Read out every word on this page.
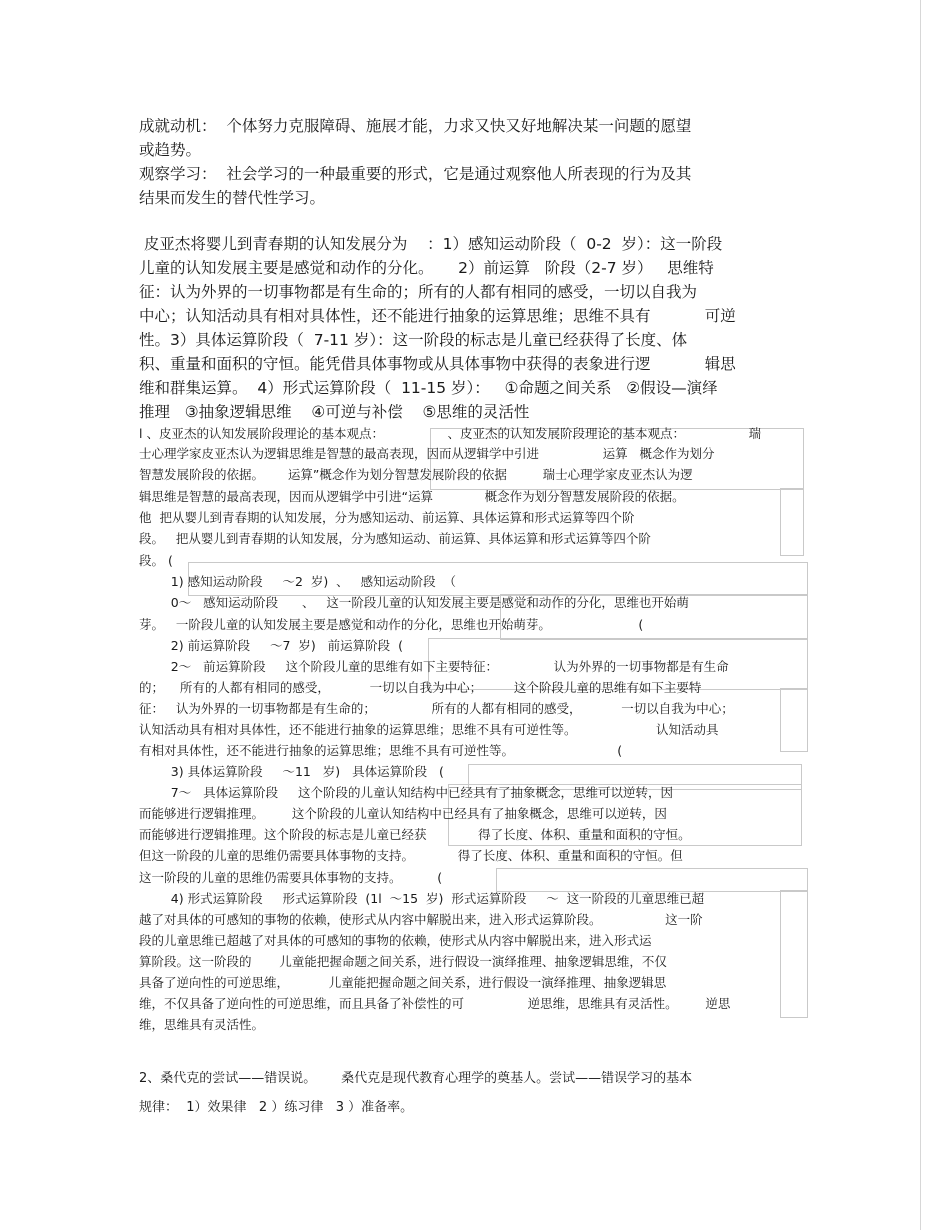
成就动机：  个体努力克服障碍、施展才能，力求又快又好地解决某一问题的愿望
或趋势。
观察学习：  社会学习的一种最重要的形式，它是通过观察他人所表现的行为及其
结果而发生的替代性学习。
皮亚杰将婴儿到青春期的认知发展分为    ：1）感知运动阶段（  0-2  岁）：这一阶段
儿童的认知发展主要是感觉和动作的分化。     2）前运算   阶段（2-7 岁）   思维特
征：认为外界的一切事物都是有生命的；所有的人都有相同的感受，一切以自我为
中心；认知活动具有相对具体性，还不能进行抽象的运算思维；思维不具有           可逆
性。3）具体运算阶段（  7-11 岁）：这一阶段的标志是儿童已经获得了长度、体
积、重量和面积的守恒。能凭借具体事物或从具体事物中获得的表象进行逻           辑思
维和群集运算。  4）形式运算阶段（  11-15 岁）：   ①命题之间关系   ②假设—演绎
推理   ③抽象逻辑思维    ④可逆与补偿    ⑤思维的灵活性
l 、皮亚杰的认知发展阶段理论的基本观点：                、皮亚杰的认知发展阶段理论的基本观点：                瑞
士心理学家皮亚杰认为逻辑思维是智慧的最高表现，因而从逻辑学中引进                运算   概念作为划分
智慧发展阶段的依据。      运算”概念作为划分智慧发展阶段的依据         瑞士心理学家皮亚杰认为逻
辑思维是智慧的最高表现，因而从逻辑学中引进“运算             概念作为划分智慧发展阶段的依据。
他  把从婴儿到青春期的认知发展，分为感知运动、前运算、具体运算和形式运算等四个阶
段。   把从婴儿到青春期的认知发展，分为感知运动、前运算、具体运算和形式运算等四个阶
段。 (
1) 感知运动阶段     ～2  岁)  、   感知运动阶段  （
0～   感知运动阶段      、   这一阶段儿童的认知发展主要是感觉和动作的分化，思维也开始萌
芽。   一阶段儿童的认知发展主要是感觉和动作的分化，思维也开始萌芽。                      (
2) 前运算阶段     ～7  岁)   前运算阶段  (
2～   前运算阶段     这个阶段儿童的思维有如下主要特征：              认为外界的一切事物都是有生命
的；    所有的人都有相同的感受，          一切以自我为中心；        这个阶段儿童的思维有如下主要特
征：   认为外界的一切事物都是有生命的；              所有的人都有相同的感受，          一切以自我为中心；
认知活动具有相对具体性，还不能进行抽象的运算思维；思维不具有可逆性等。                    认知活动具
有相对具体性，还不能进行抽象的运算思维；思维不具有可逆性等。                          (
3) 具体运算阶段     ～11   岁)   具体运算阶段   (
7～   具体运算阶段     这个阶段的儿童认知结构中已经具有了抽象概念，思维可以逆转，因
而能够进行逻辑推理。       这个阶段的儿童认知结构中已经具有了抽象概念，思维可以逆转，因
而能够进行逻辑推理。这个阶段的标志是儿童已经获             得了长度、体积、重量和面积的守恒。
但这一阶段的儿童的思维仍需要具体事物的支持。           得了长度、体积、重量和面积的守恒。但
这一阶段的儿童的思维仍需要具体事物的支持。         (
4) 形式运算阶段     形式运算阶段  (1l  ～15  岁)  形式运算阶段     ～  这一阶段的儿童思维已超
越了对具体的可感知的事物的依赖，使形式从内容中解脱出来，进入形式运算阶段。                这一阶
段的儿童思维已超越了对具体的可感知的事物的依赖，使形式从内容中解脱出来，进入形式运
算阶段。这一阶段的       儿童能把握命题之间关系，进行假设一演绎推理、抽象逻辑思维，不仅
具备了逆向性的可逆思维，          儿童能把握命题之间关系，进行假设一演绎推理、抽象逻辑思
维，不仅具备了逆向性的可逆思维，而且具备了补偿性的可                逆思维，思维具有灵活性。       逆思
维，思维具有灵活性。
2、桑代克的尝试——错误说。      桑代克是现代教育心理学的奠基人。尝试——错误学习的基本
规律：  1）效果律   2 ）练习律   3 ）准备率。
